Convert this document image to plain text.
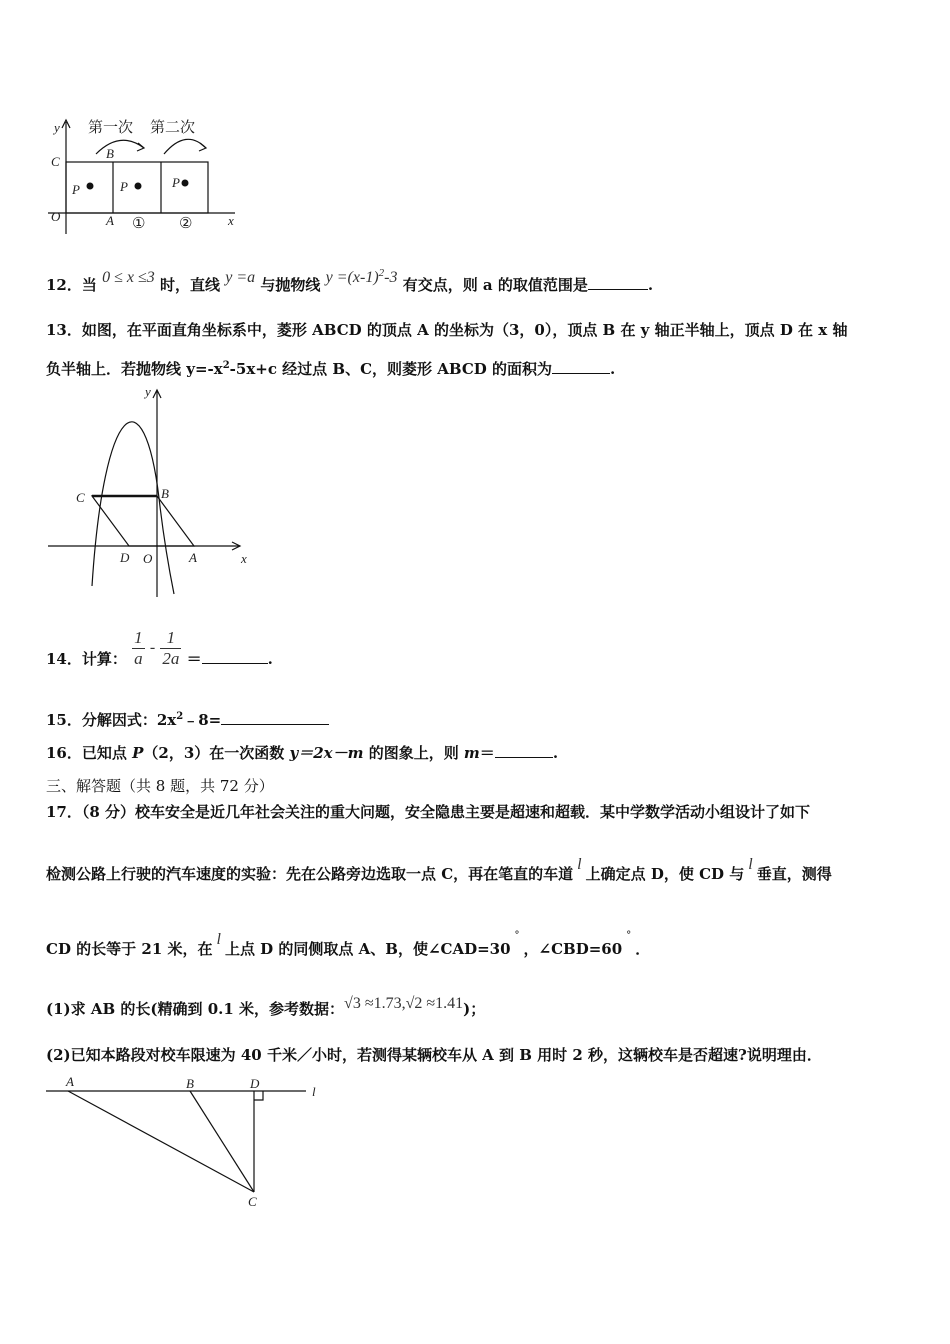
y
C
O	A
B
x
P	P	P
① ②
第一次 第二次
12．当 0 ≤ x ≤3 时，直线 y =a 与抛物线 $y =(x-1)^2-3$ 有交点，则 a 的取值范围是	.
13．如图，在平面直角坐标系中，菱形 ABCD 的顶点 A 的坐标为（3，0），顶点 B 在 y 轴正半轴上，顶点 D 在 x 轴
负半轴上．若抛物线 $y=-x^2-5x+c$ 经过点 B、C，则菱形 ABCD 的面积为	.
y
C	B
D O	A	x
14．计算： $\frac{1}{a} - \frac{1}{2a}$ ＝	.
15．分解因式：$2x^2﹣8=$
16．已知点 P（2，3）在一次函数 y＝2x－m 的图象上，则 m＝	.
三、解答题（共 8 题，共 72 分）
17．（8 分）校车安全是近几年社会关注的重大问题，安全隐患主要是超速和超载．某中学数学活动小组设计了如下
检测公路上行驶的汽车速度的实验：先在公路旁边选取一点 C，再在笔直的车道l上确定点 D，使 CD 与l垂直，测得
CD 的长等于 21 米，在l上点 D 的同侧取点 A、B，使∠CAD=30°，∠CBD=60°．
(1)求 AB 的长(精确到 0.1 米，参考数据：√3 ≈1.73,√2 ≈1.41)；
(2)已知本路段对校车限速为 40 千米／小时，若测得某辆校车从 A 到 B 用时 2 秒，这辆校车是否超速?说明理由．
A	B	D
l
C
